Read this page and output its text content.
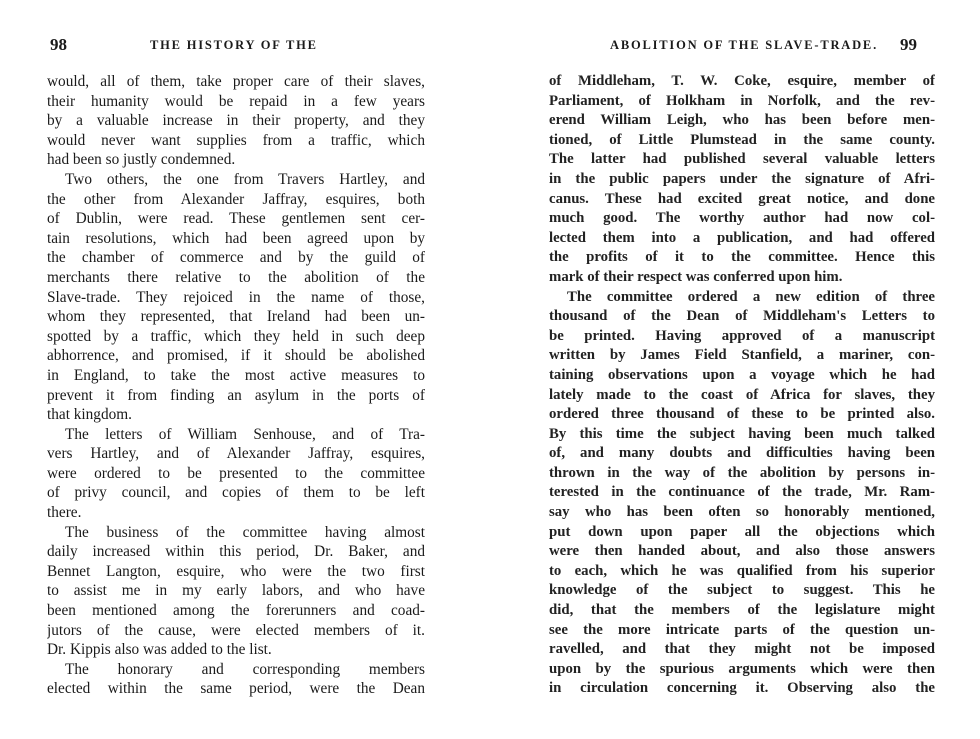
98	THE HISTORY OF THE
would, all of them, take proper care of their slaves,
their humanity would be repaid in a few years
by a valuable increase in their property, and they
would never want supplies from a traffic, which
had been so justly condemned.
Two others, the one from Travers Hartley, and
the other from Alexander Jaffray, esquires, both
of Dublin, were read. These gentlemen sent cer-
tain resolutions, which had been agreed upon by
the chamber of commerce and by the guild of
merchants there relative to the abolition of the
Slave-trade. They rejoiced in the name of those,
whom they represented, that Ireland had been un-
spotted by a traffic, which they held in such deep
abhorrence, and promised, if it should be abolished
in England, to take the most active measures to
prevent it from finding an asylum in the ports of
that kingdom.
The letters of William Senhouse, and of Tra-
vers Hartley, and of Alexander Jaffray, esquires,
were ordered to be presented to the committee
of privy council, and copies of them to be left
there.
The business of the committee having almost
daily increased within this period, Dr. Baker, and
Bennet Langton, esquire, who were the two first
to assist me in my early labors, and who have
been mentioned among the forerunners and coad-
jutors of the cause, were elected members of it.
Dr. Kippis also was added to the list.
The honorary and corresponding members
elected within the same period, were the Dean
ABOLITION OF THE SLAVE-TRADE. 99
of Middleham, T. W. Coke, esquire, member of
Parliament, of Holkham in Norfolk, and the rev-
erend William Leigh, who has been before men-
tioned, of Little Plumstead in the same county.
The latter had published several valuable letters
in the public papers under the signature of Afri-
canus. These had excited great notice, and done
much good. The worthy author had now col-
lected them into a publication, and had offered
the profits of it to the committee. Hence this
mark of their respect was conferred upon him.
The committee ordered a new edition of three
thousand of the Dean of Middleham's Letters to
be printed. Having approved of a manuscript
written by James Field Stanfield, a mariner, con-
taining observations upon a voyage which he had
lately made to the coast of Africa for slaves, they
ordered three thousand of these to be printed also.
By this time the subject having been much talked
of, and many doubts and difficulties having been
thrown in the way of the abolition by persons in-
terested in the continuance of the trade, Mr. Ram-
say who has been often so honorably mentioned,
put down upon paper all the objections which
were then handed about, and also those answers
to each, which he was qualified from his superior
knowledge of the subject to suggest. This he
did, that the members of the legislature might
see the more intricate parts of the question un-
ravelled, and that they might not be imposed
upon by the spurious arguments which were then
in circulation concerning it. Observing also the
